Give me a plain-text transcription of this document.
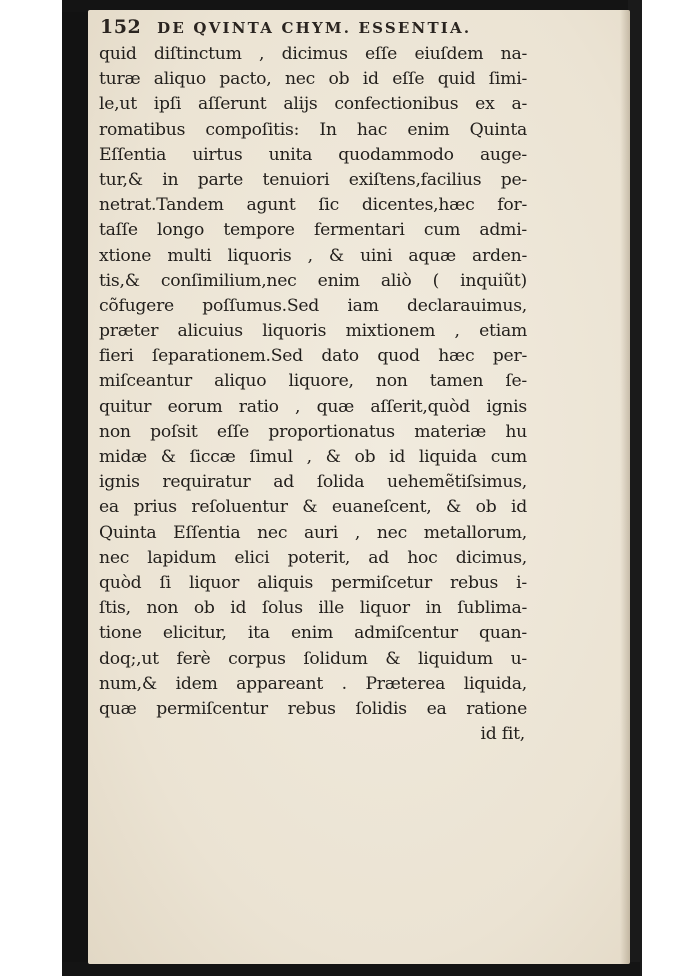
152 DE QVINTA CHYM. ESSENTIA.
quid diſtinctum , dicimus eſſe eiuſdem na-
turæ aliquo pacto, nec ob id eſſe quid ſimi-
le,ut ipſi aſſerunt alijs confectionibus ex a-
romatibus compoſitis: In hac enim Quinta
Eſſentia uirtus unita quodammodo auge-
tur,& in parte tenuiori exiſtens,facilius pe-
netrat.Tandem agunt ſic dicentes,hæc for-
taſſe longo tempore fermentari cum admi-
xtione multi liquoris , & uini aquæ arden-
tis,& conſimilium,nec enim aliò ( inquiũt)
cõfugere poſſumus.Sed iam declarauimus,
præter alicuius liquoris mixtionem , etiam
fieri ſeparationem.Sed dato quod hæc per-
miſceantur aliquo liquore, non tamen ſe-
quitur eorum ratio , quæ aſſerit,quòd ignis
non poſsit eſſe proportionatus materiæ hu
midæ & ſiccæ ſimul , & ob id liquida cum
ignis requiratur ad ſolida uehemẽtiſsimus,
ea prius reſoluentur & euaneſcent, & ob id
Quinta Eſſentia nec auri , nec metallorum,
nec lapidum elici poterit, ad hoc dicimus,
quòd ſi liquor aliquis permiſcetur rebus i-
ſtis, non ob id ſolus ille liquor in ſublima-
tione elicitur, ita enim admiſcentur quan-
doq;,ut ferè corpus ſolidum & liquidum u-
num,& idem appareant . Præterea liquida,
quæ permiſcentur rebus ſolidis ea ratione
id fit,
